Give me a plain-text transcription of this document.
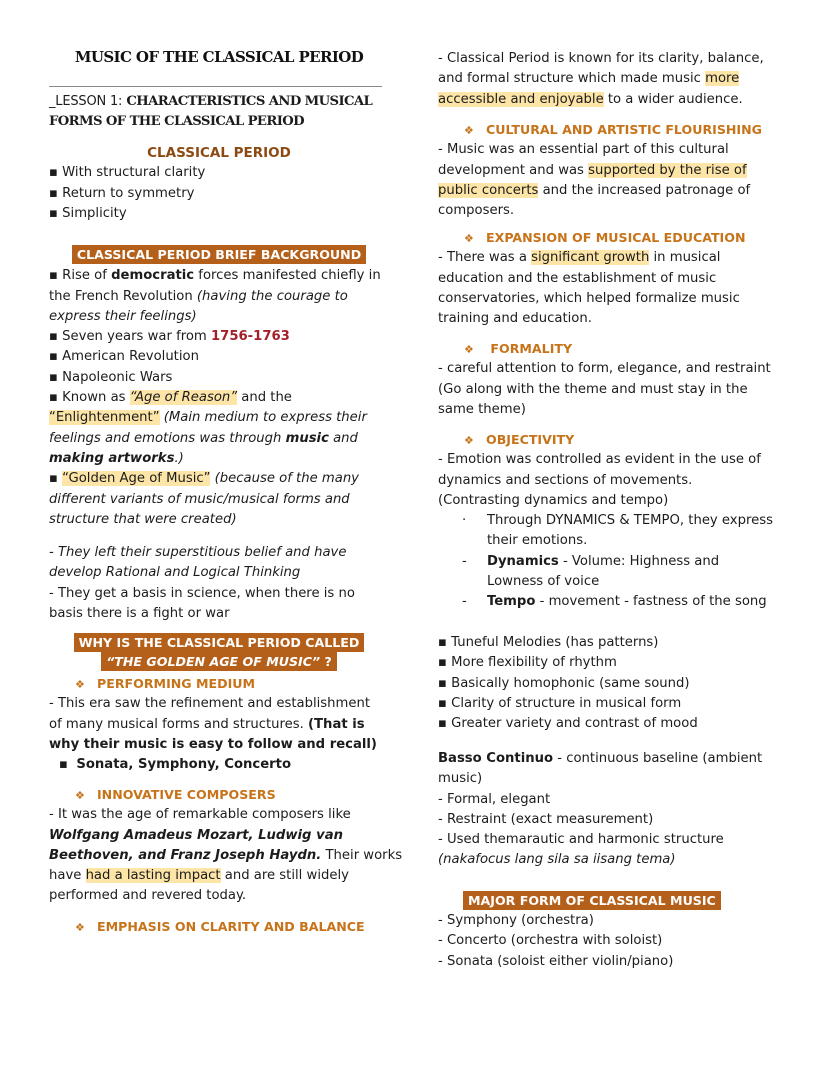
MUSIC OF THE CLASSICAL PERIOD
_LESSON 1: CHARACTERISTICS AND MUSICAL
FORMS OF THE CLASSICAL PERIOD
CLASSICAL PERIOD
▪ With structural clarity
▪ Return to symmetry
▪ Simplicity
CLASSICAL PERIOD BRIEF BACKGROUND
▪ Rise of democratic forces manifested chiefly in
the French Revolution (having the courage to
express their feelings)
▪ Seven years war from 1756-1763
▪ American Revolution
▪ Napoleonic Wars
▪ Known as “Age of Reason” and the
“Enlightenment” (Main medium to express their
feelings and emotions was through music and
making artworks.)
▪ “Golden Age of Music” (because of the many
different variants of music/musical forms and
structure that were created)
- They left their superstitious belief and have
develop Rational and Logical Thinking
- They get a basis in science, when there is no
basis there is a fight or war
WHY IS THE CLASSICAL PERIOD CALLED
“THE GOLDEN AGE OF MUSIC” ?
❖ PERFORMING MEDIUM
- This era saw the refinement and establishment
of many musical forms and structures. (That is
why their music is easy to follow and recall)
▪ Sonata, Symphony, Concerto
❖ INNOVATIVE COMPOSERS
- It was the age of remarkable composers like
Wolfgang Amadeus Mozart, Ludwig van
Beethoven, and Franz Joseph Haydn. Their works
have had a lasting impact and are still widely
performed and revered today.
❖ EMPHASIS ON CLARITY AND BALANCE
- Classical Period is known for its clarity, balance,
and formal structure which made music more
accessible and enjoyable to a wider audience.
❖ CULTURAL AND ARTISTIC FLOURISHING
- Music was an essential part of this cultural
development and was supported by the rise of
public concerts and the increased patronage of
composers.
❖ EXPANSION OF MUSICAL EDUCATION
- There was a significant growth in musical
education and the establishment of music
conservatories, which helped formalize music
training and education.
❖ FORMALITY
- careful attention to form, elegance, and restraint
(Go along with the theme and must stay in the
same theme)
❖ OBJECTIVITY
- Emotion was controlled as evident in the use of
dynamics and sections of movements.
(Contrasting dynamics and tempo)
· Through DYNAMICS & TEMPO, they express
their emotions.
- Dynamics - Volume: Highness and
Lowness of voice
- Tempo - movement - fastness of the song
▪ Tuneful Melodies (has patterns)
▪ More flexibility of rhythm
▪ Basically homophonic (same sound)
▪ Clarity of structure in musical form
▪ Greater variety and contrast of mood
Basso Continuo - continuous baseline (ambient
music)
- Formal, elegant
- Restraint (exact measurement)
- Used themarautic and harmonic structure
(nakafocus lang sila sa iisang tema)
MAJOR FORM OF CLASSICAL MUSIC
- Symphony (orchestra)
- Concerto (orchestra with soloist)
- Sonata (soloist either violin/piano)
